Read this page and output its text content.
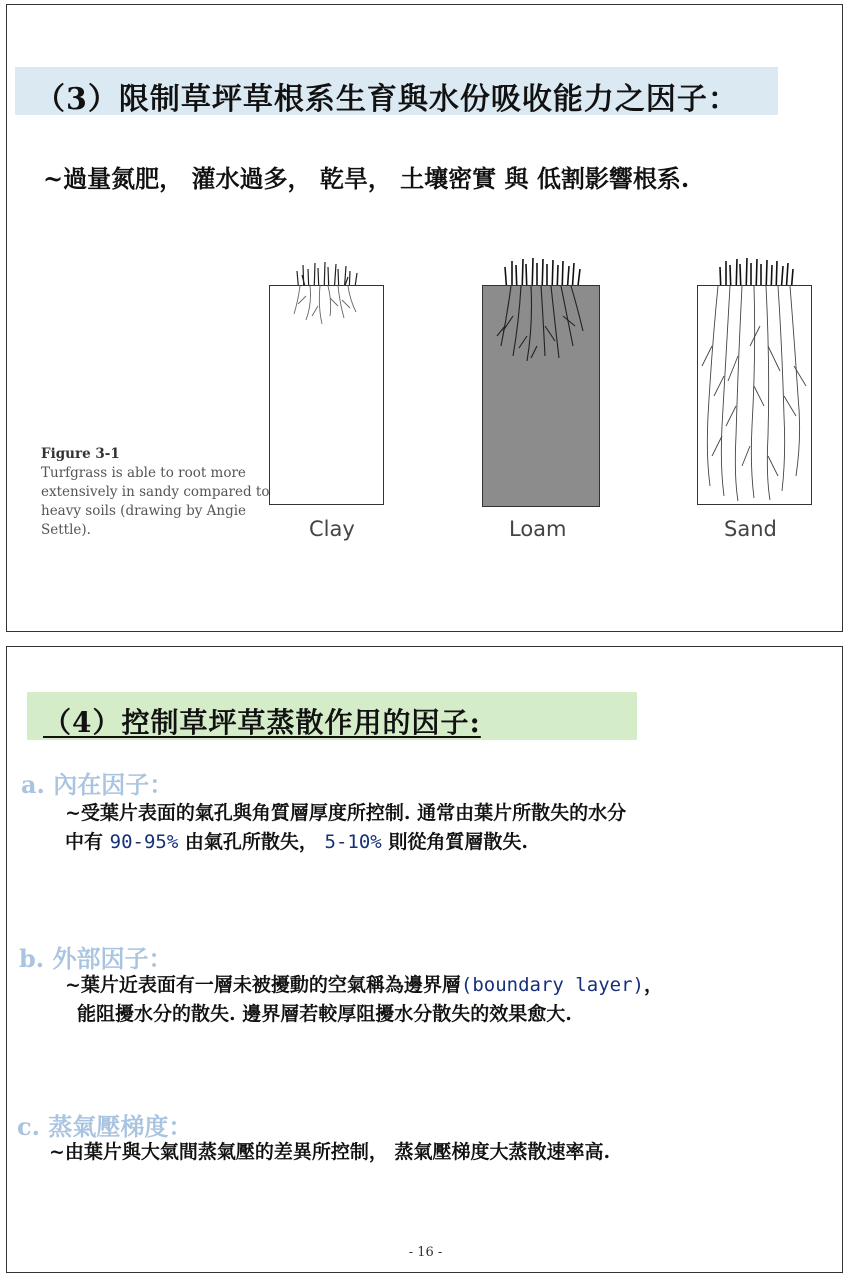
（3）限制草坪草根系生育與水份吸收能力之因子：
~過量氮肥， 灌水過多， 乾旱， 土壤密實 與 低割影響根系.
Clay	Loam	Sand
Figure 3-1
Turfgrass is able to root more extensively in sandy compared to heavy soils (drawing by Angie Settle).
（4）控制草坪草蒸散作用的因子:
a. 內在因子：
~受葉片表面的氣孔與角質層厚度所控制. 通常由葉片所散失的水分
中有 90-95% 由氣孔所散失， 5-10% 則從角質層散失.
b. 外部因子：
~葉片近表面有一層未被擾動的空氣稱為邊界層(boundary layer)，
能阻擾水分的散失. 邊界層若較厚阻擾水分散失的效果愈大.
c. 蒸氣壓梯度：
~由葉片與大氣間蒸氣壓的差異所控制， 蒸氣壓梯度大蒸散速率高.
- 16 -
